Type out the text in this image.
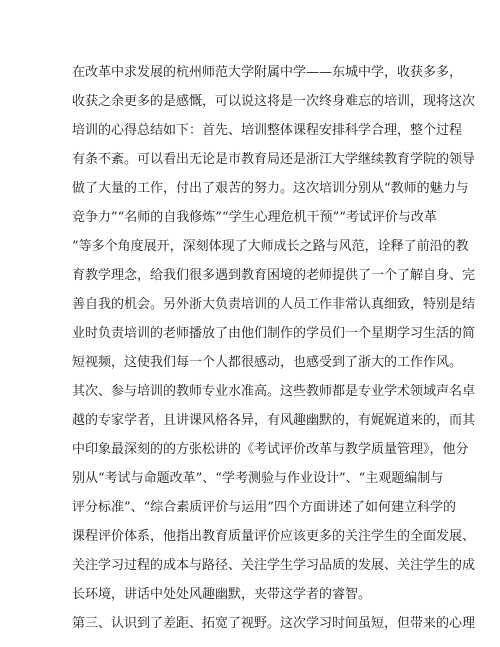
在改革中求发展的杭州师范大学附属中学——东城中学，收获多多，
收获之余更多的是感慨，可以说这将是一次终身难忘的培训，现将这次
培训的心得总结如下：首先、培训整体课程安排科学合理，整个过程
有条不紊。可以看出无论是市教育局还是浙江大学继续教育学院的领导
做了大量的工作，付出了艰苦的努力。这次培训分别从“教师的魅力与
竞争力”“名师的自我修炼”“学生心理危机干预”“考试评价与改革
”等多个角度展开，深刻体现了大师成长之路与风范，诠释了前沿的教
育教学理念，给我们很多遇到教育困境的老师提供了一个了解自身、完
善自我的机会。另外浙大负责培训的人员工作非常认真细致，特别是结
业时负责培训的老师播放了由他们制作的学员们一个星期学习生活的简
短视频，这使我们每一个人都很感动，也感受到了浙大的工作作风。
其次、参与培训的教师专业水准高。这些教师都是专业学术领域声名卓
越的专家学者，且讲课风格各异，有风趣幽默的，有娓娓道来的，而其
中印象最深刻的的方张松讲的《考试评价改革与教学质量管理》，他分
别从“考试与命题改革”、“学考测验与作业设计”、“主观题编制与
评分标准”、“综合素质评价与运用”四个方面讲述了如何建立科学的
课程评价体系，他指出教育质量评价应该更多的关注学生的全面发展、
关注学习过程的成本与路径、关注学生学习品质的发展、关注学生的成
长环境，讲话中处处风趣幽默，夹带这学者的睿智。
第三、认识到了差距、拓宽了视野。这次学习时间虽短，但带来的心理
